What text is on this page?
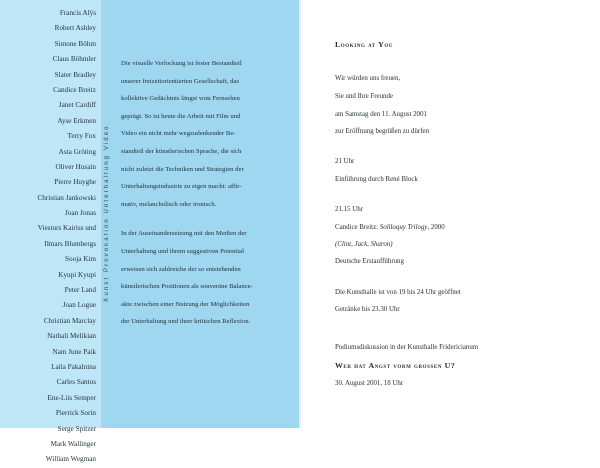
Francis Alÿs
Robert Ashley
Simone Böhm
Claus Böhmler
Slater Bradley
Candice Breitz
Janet Cardiff
Ayse Erkmen
Terry Fox
Asta Gröting
Oliver Husain
Pierre Huyghe
Christian Jankowski
Joan Jonas
Viesturs Kairiss und
Ilmars Blumbergs
Sooja Kim
Kyupi Kyupi
Peter Land
Joan Logue
Christian Marclay
Nathali Melikian
Nam June Paik
Laila Pakalnina
Carles Santos
Ene-Liis Semper
Pierrick Sorin
Serge Spitzer
Mark Wallinger
William Wegman
Kunst Provokation Unterhaltung Video
Die visuelle Verlockung ist fester Bestandteil
unserer freizeitorientierten Gesellschaft, das
kollektive Gedächtnis längst vom Fernsehen
geprägt. So ist heute die Arbeit mit Film und
Video ein nicht mehr wegzudenkender Be-
standteil der künstlerischen Sprache, die sich
nicht zuletzt die Techniken und Strategien der
Unterhaltungsindustrie zu eigen macht: affir-
mativ, melancholisch oder ironisch.
In der Auseinandersetzung mit den Medien der
Unterhaltung und ihrem suggestiven Potential
erweisen sich zahlreiche der so entstehenden
künstlerischen Positionen als souveräne Balance-
akte zwischen einer Nutzung der Möglichkeiten
der Unterhaltung und ihrer kritischen Reflexion.
Looking at You
Wir würden uns freuen,
Sie und Ihre Freunde
am Samstag den 11. August 2001
zur Eröffnung begrüßen zu dürfen
21 Uhr
Einführung durch René Block
21.15 Uhr
Candice Breitz: Soliloquy Trilogy, 2000
(Clint, Jack, Sharon)
Deutsche Erstaufführung
Die Kunsthalle ist von 19 bis 24 Uhr geöffnet
Getränke bis 23.30 Uhr
Podiumsdiskussion in der Kunsthalle Fridericianum
Wer hat Angst vorm grossen U?
30. August 2001, 18 Uhr
